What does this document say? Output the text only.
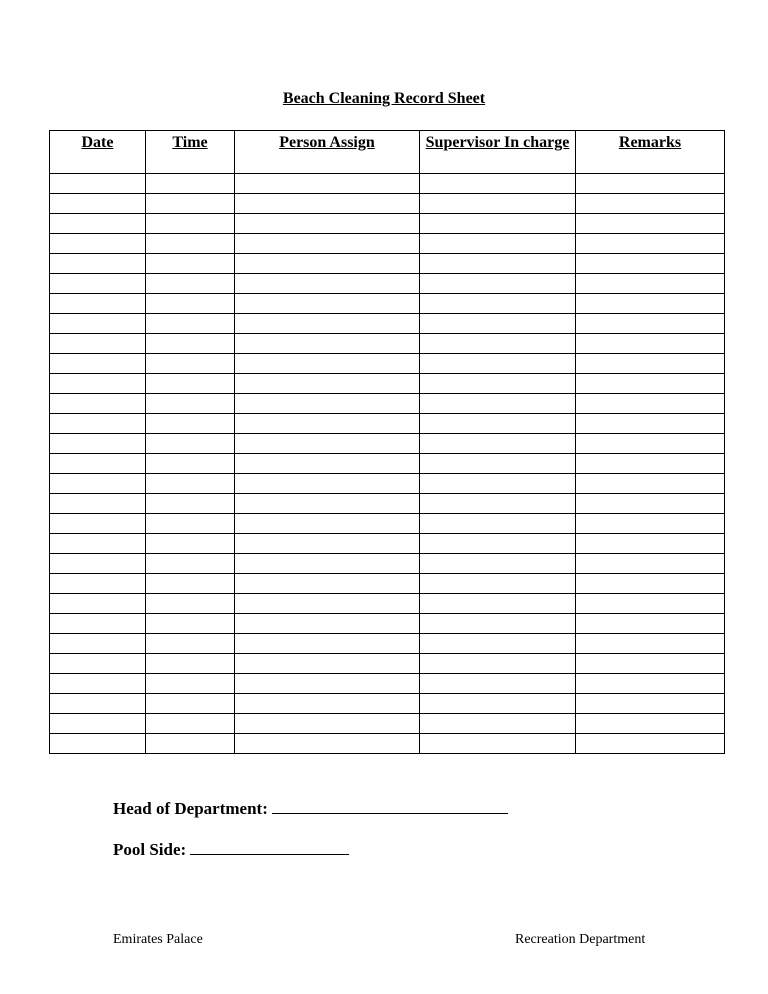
Beach Cleaning Record Sheet
Date	Time	Person Assign	Supervisor In charge	Remarks

Head of Department:
Pool Side:
Emirates Palace	Recreation Department
